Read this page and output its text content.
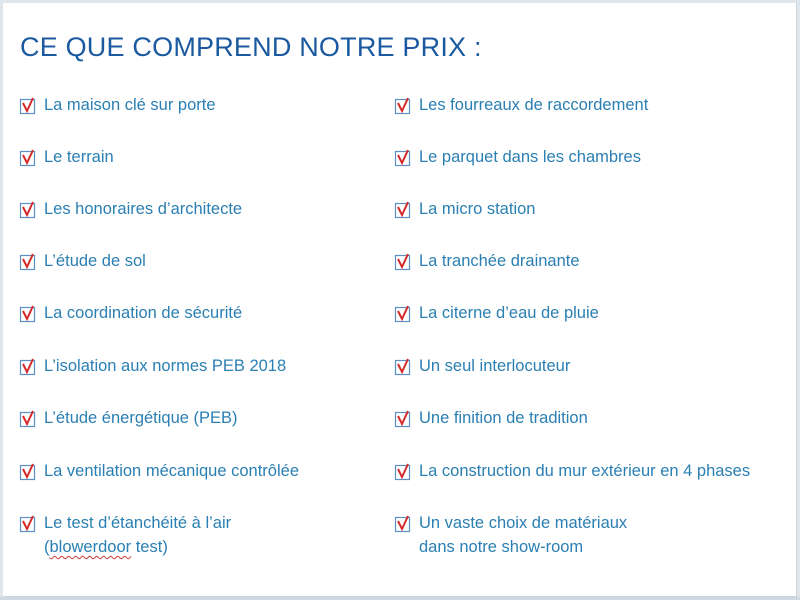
CE QUE COMPREND NOTRE PRIX :
La maison clé sur porte
Le terrain
Les honoraires d’architecte
L’étude de sol
La coordination de sécurité
L’isolation aux normes PEB 2018
L’étude énergétique (PEB)
La ventilation mécanique contrôlée
Le test d’étanchéité à l’air
(blowerdoor test)
Les fourreaux de raccordement
Le parquet dans les chambres
La micro station
La tranchée drainante
La citerne d’eau de pluie
Un seul interlocuteur
Une finition de tradition
La construction du mur extérieur en 4 phases
Un vaste choix de matériaux
dans notre show-room
